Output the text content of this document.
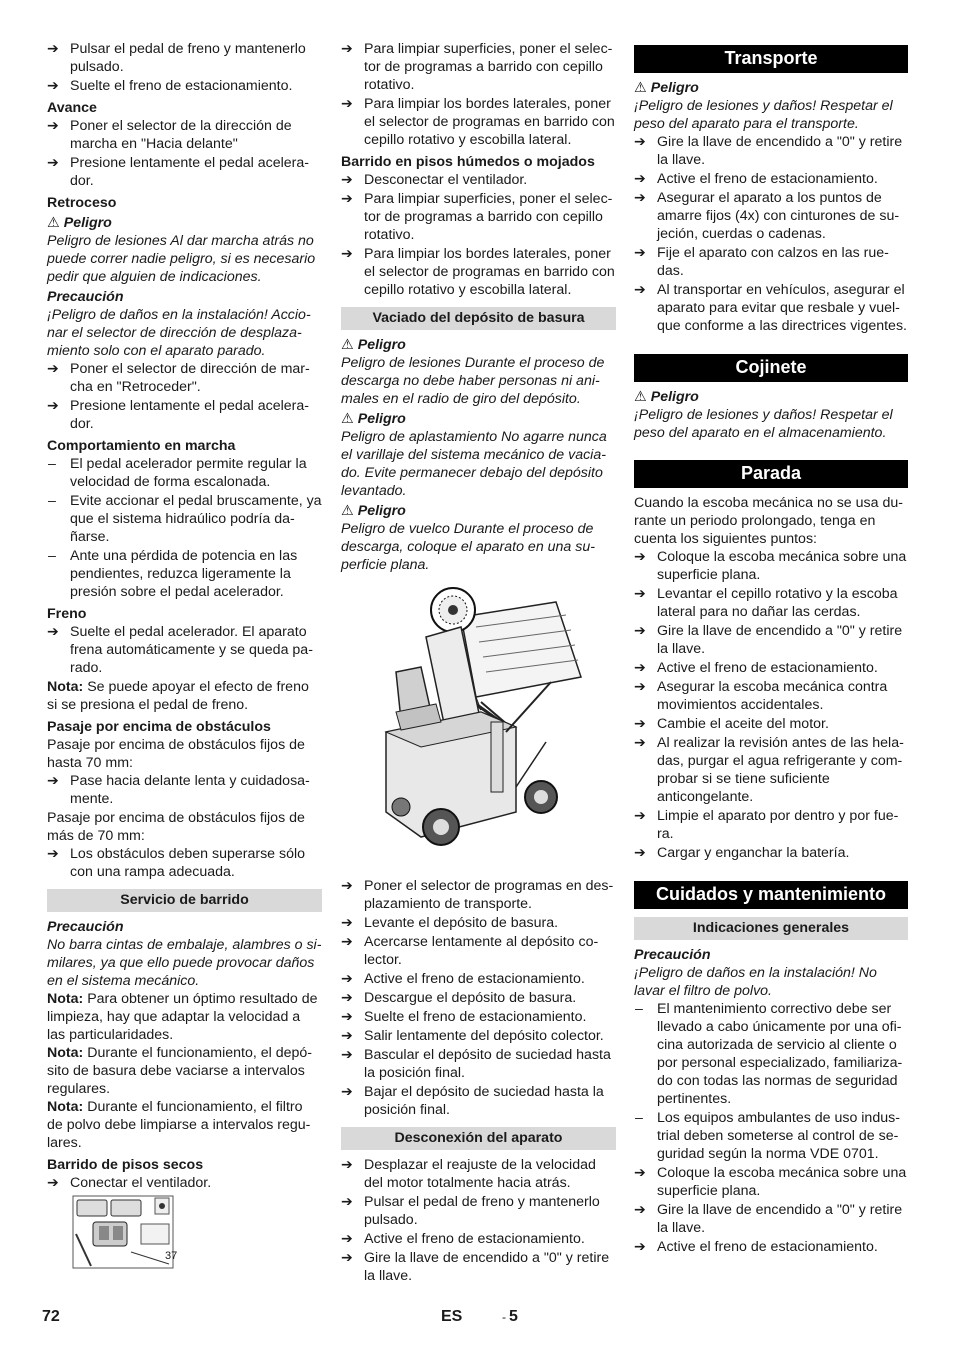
➔ Pulsar el pedal de freno y mantenerlo pulsado.

➔ Suelte el freno de estacionamiento.

Avance

➔ Poner el selector de la dirección de marcha en "Hacia delante"

➔ Presione lentamente el pedal acelera-dor.

Retroceso

⚠ Peligro

Peligro de lesiones Al dar marcha atrás no puede correr nadie peligro, si es necesario pedir que alguien de indicaciones.

Precaución

¡Peligro de daños en la instalación! Accio-nar el selector de dirección de desplaza-miento solo con el aparato parado.

➔ Poner el selector de dirección de mar-cha en "Retroceder".

➔ Presione lentamente el pedal acelera-dor.

Comportamiento en marcha

– El pedal acelerador permite regular la velocidad de forma escalonada.

– Evite accionar el pedal bruscamente, ya que el sistema hidraúlico podría da-ñarse.

– Ante una pérdida de potencia en las pendientes, reduzca ligeramente la presión sobre el pedal acelerador.

Freno

➔ Suelte el pedal acelerador. El aparato frena automáticamente y se queda pa-rado.

Nota: Se puede apoyar el efecto de freno si se presiona el pedal de freno.

Pasaje por encima de obstáculos

Pasaje por encima de obstáculos fijos de hasta 70 mm:

➔ Pase hacia delante lenta y cuidadosa-mente.

Pasaje por encima de obstáculos fijos de más de 70 mm:

➔ Los obstáculos deben superarse sólo con una rampa adecuada.

Servicio de barrido

Precaución

No barra cintas de embalaje, alambres o si-milares, ya que ello puede provocar daños en el sistema mecánico.

Nota: Para obtener un óptimo resultado de limpieza, hay que adaptar la velocidad a las particularidades.

Nota: Durante el funcionamiento, el depó-sito de basura debe vaciarse a intervalos regulares.

Nota: Durante el funcionamiento, el filtro de polvo debe limpiarse a intervalos regu-lares.

Barrido de pisos secos

➔ Conectar el ventilador.

37

➔ Para limpiar superficies, poner el selec-tor de programas a barrido con cepillo rotativo.

➔ Para limpiar los bordes laterales, poner el selector de programas en barrido con cepillo rotativo y escobilla lateral.

Barrido en pisos húmedos o mojados

➔ Desconectar el ventilador.

➔ Para limpiar superficies, poner el selec-tor de programas a barrido con cepillo rotativo.

➔ Para limpiar los bordes laterales, poner el selector de programas en barrido con cepillo rotativo y escobilla lateral.

Vaciado del depósito de basura

⚠ Peligro

Peligro de lesiones Durante el proceso de descarga no debe haber personas ni ani-males en el radio de giro del depósito.

⚠ Peligro

Peligro de aplastamiento No agarre nunca el varillaje del sistema mecánico de vacia-do. Evite permanecer debajo del depósito levantado.

⚠ Peligro

Peligro de vuelco Durante el proceso de descarga, coloque el aparato en una su-perficie plana.

➔ Poner el selector de programas en des-plazamiento de transporte.

➔ Levante el depósito de basura.

➔ Acercarse lentamente al depósito co-lector.

➔ Active el freno de estacionamiento.

➔ Descargue el depósito de basura.

➔ Suelte el freno de estacionamiento.

➔ Salir lentamente del depósito colector.

➔ Bascular el depósito de suciedad hasta la posición final.

➔ Bajar el depósito de suciedad hasta la posición final.

Desconexión del aparato

➔ Desplazar el reajuste de la velocidad del motor totalmente hacia atrás.

➔ Pulsar el pedal de freno y mantenerlo pulsado.

➔ Active el freno de estacionamiento.

➔ Gire la llave de encendido a "0" y retire la llave.

Transporte

⚠ Peligro

¡Peligro de lesiones y daños! Respetar el peso del aparato para el transporte.

➔ Gire la llave de encendido a "0" y retire la llave.

➔ Active el freno de estacionamiento.

➔ Asegurar el aparato a los puntos de amarre fijos (4x) con cinturones de su-jeción, cuerdas o cadenas.

➔ Fije el aparato con calzos en las rue-das.

➔ Al transportar en vehículos, asegurar el aparato para evitar que resbale y vuel-que conforme a las directrices vigentes.

Cojinete

⚠ Peligro

¡Peligro de lesiones y daños! Respetar el peso del aparato en el almacenamiento.

Parada

Cuando la escoba mecánica no se usa du-rante un periodo prolongado, tenga en cuenta los siguientes puntos:

➔ Coloque la escoba mecánica sobre una superficie plana.

➔ Levantar el cepillo rotativo y la escoba lateral para no dañar las cerdas.

➔ Gire la llave de encendido a "0" y retire la llave.

➔ Active el freno de estacionamiento.

➔ Asegurar la escoba mecánica contra movimientos accidentales.

➔ Cambie el aceite del motor.

➔ Al realizar la revisión antes de las hela-das, purgar el agua refrigerante y com-probar si se tiene suficiente anticongelante.

➔ Limpie el aparato por dentro y por fue-ra.

➔ Cargar y enganchar la batería.

Cuidados y mantenimiento
Indicaciones generales

Precaución

¡Peligro de daños en la instalación! No lavar el filtro de polvo.

– El mantenimiento correctivo debe ser llevado a cabo únicamente por una ofi-cina autorizada de servicio al cliente o por personal especializado, familiariza-do con todas las normas de seguridad pertinentes.

– Los equipos ambulantes de uso indus-trial deben someterse al control de se-guridad según la norma VDE 0701.

➔ Coloque la escoba mecánica sobre una superficie plana.

➔ Gire la llave de encendido a "0" y retire la llave.

➔ Active el freno de estacionamiento.

72	ES	- 5
